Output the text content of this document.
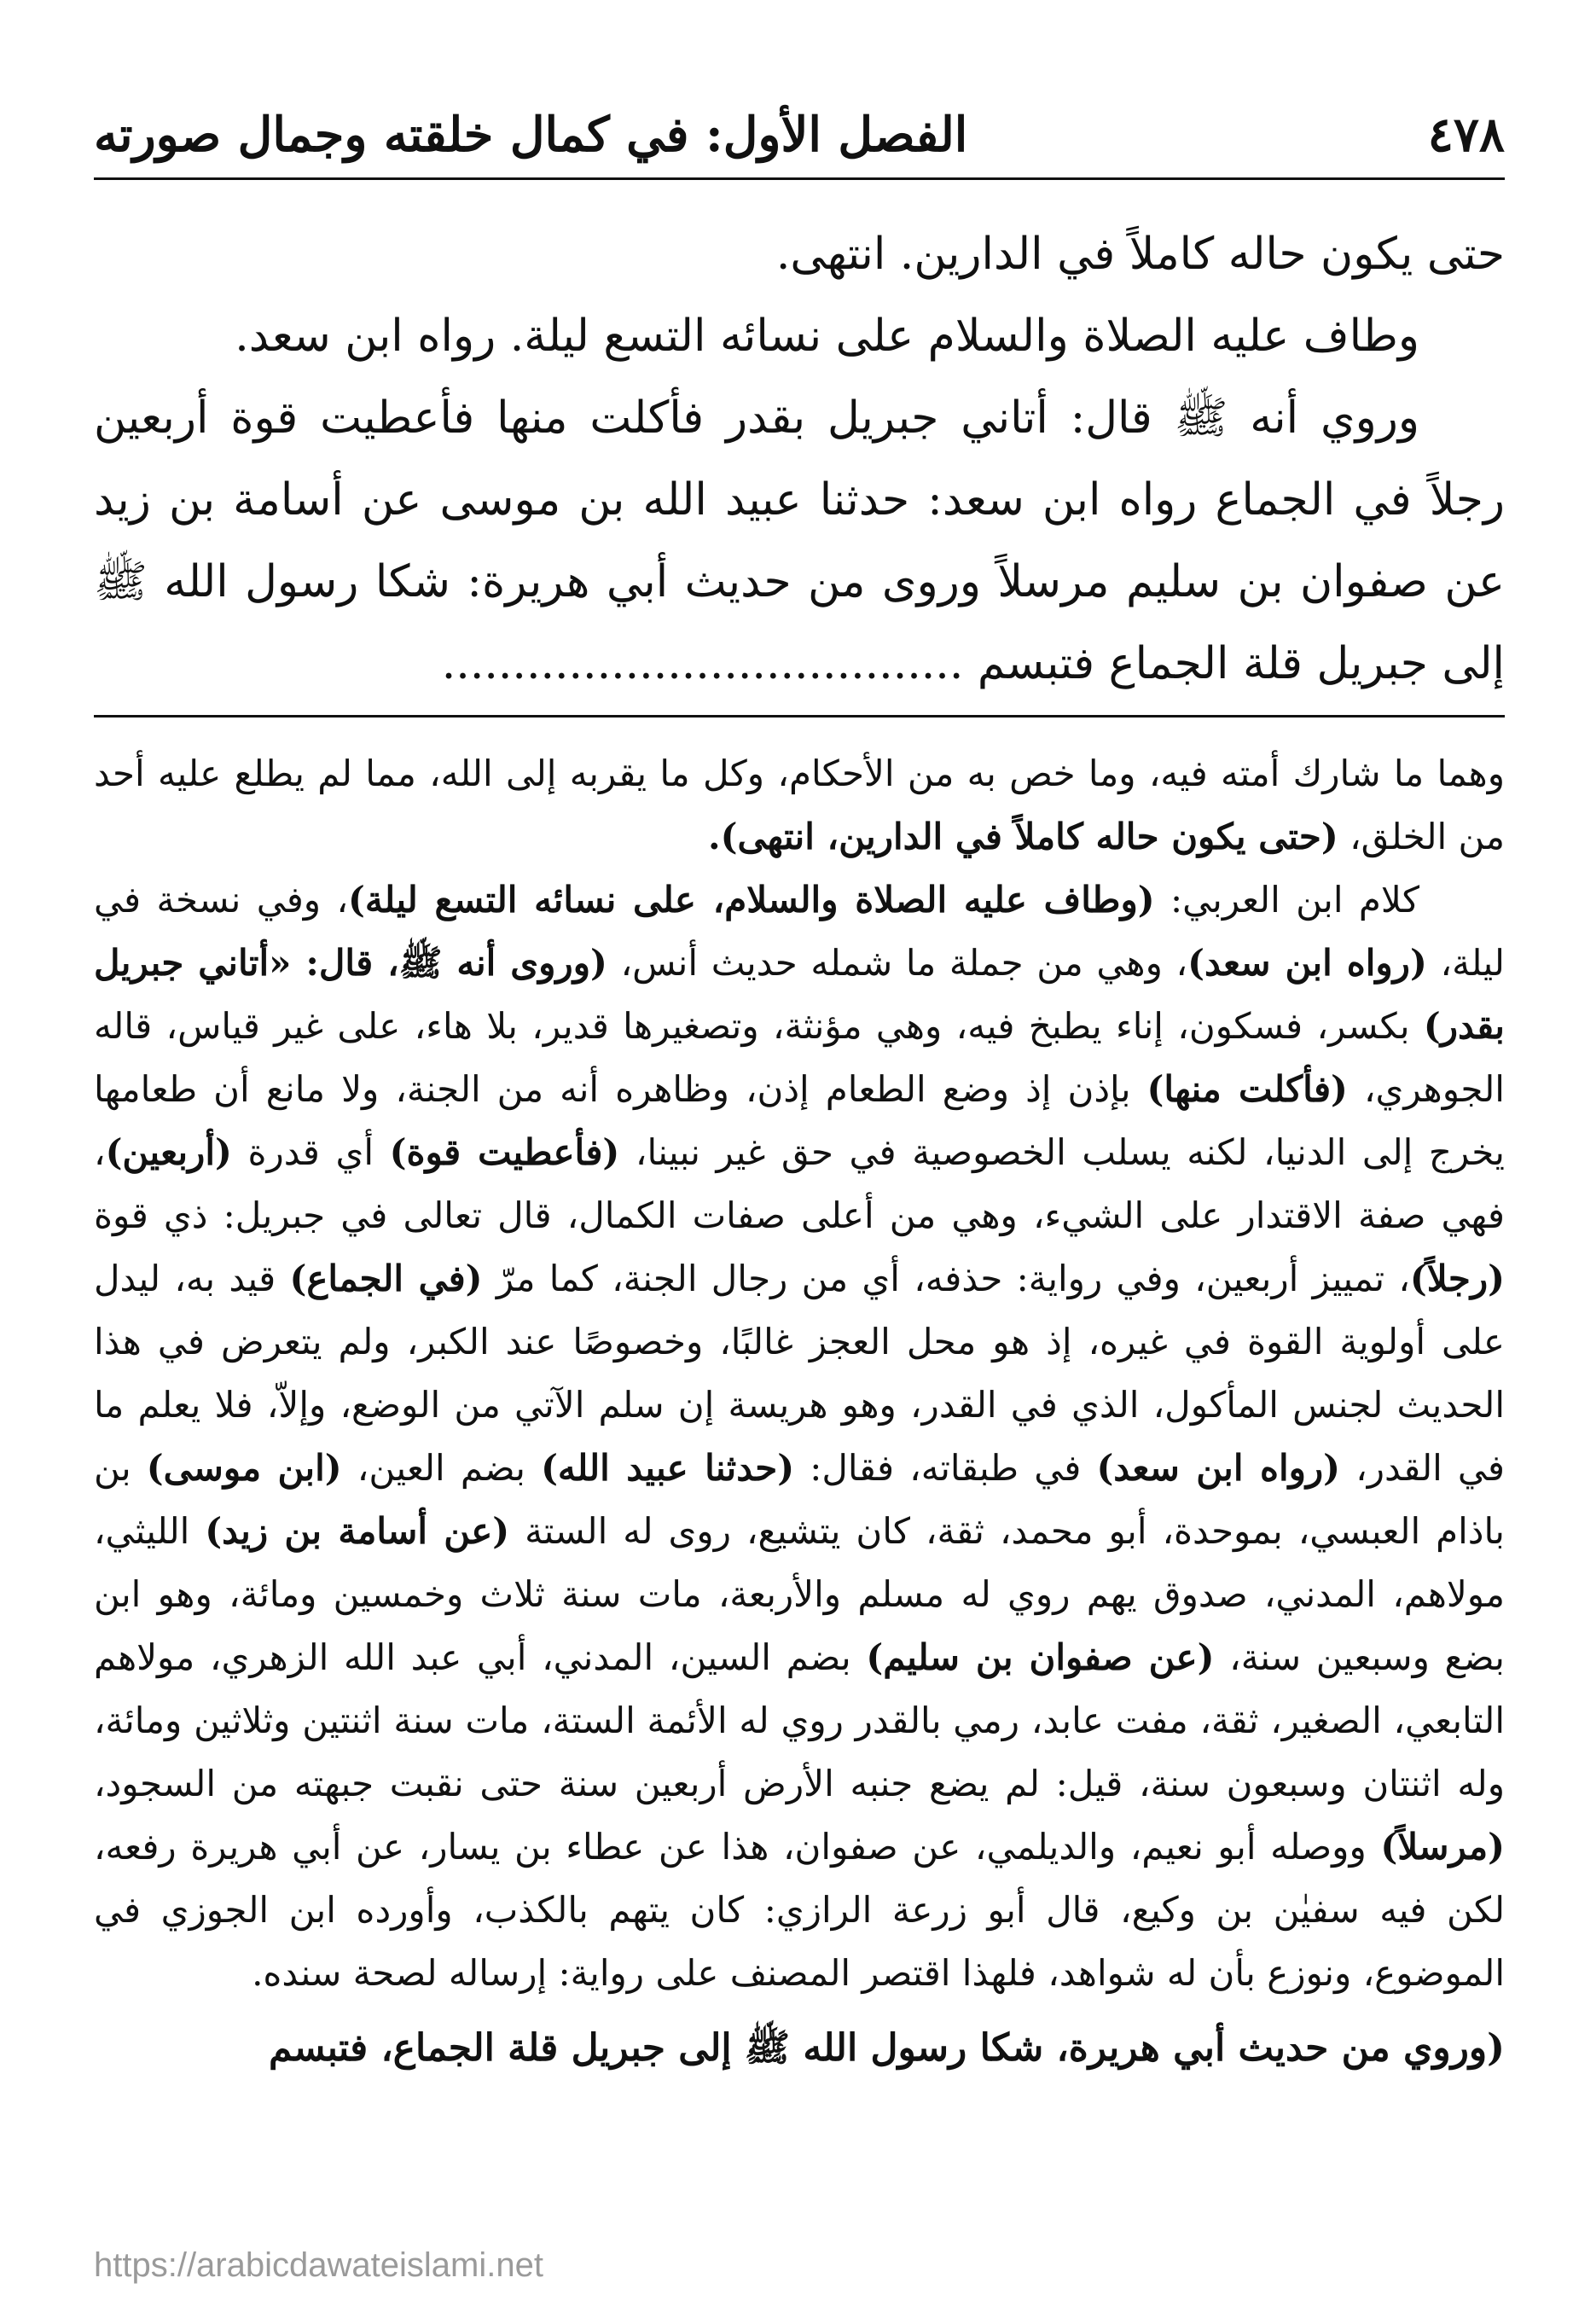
٤٧٨
الفصل الأول: في كمال خلقته وجمال صورته

حتى يكون حاله كاملاً في الدارين. انتهى.

وطاف عليه الصلاة والسلام على نسائه التسع لیلة. رواه ابن سعد.

وروي أنه ﷺ قال: أتاني جبريل بقدر فأكلت منها فأعطيت قوة أربعين رجلاً في الجماع رواه ابن سعد: حدثنا عبيد الله بن موسى عن أسامة بن زيد عن صفوان بن سليم مرسلاً وروى من حديث أبي هريرة: شكا رسول الله ﷺ إلى جبريل قلة الجماع فتبسم .....................................

وهما ما شارك أمته فيه، وما خص به من الأحكام، وكل ما يقربه إلى الله، مما لم يطلع عليه أحد من الخلق، (حتى يكون حاله كاملاً في الدارين، انتهى).

كلام ابن العربي: (وطاف عليه الصلاة والسلام، على نسائه التسع ليلة)، وفي نسخة في ليلة، (رواه ابن سعد)، وهي من جملة ما شمله حديث أنس، (وروى أنه ﷺ، قال: «أتاني جبريل بقدر) بكسر، فسكون، إناء يطبخ فيه، وهي مؤنثة، وتصغيرها قدير، بلا هاء، على غير قياس، قاله الجوهري، (فأكلت منها) بإذن إذ وضع الطعام إذن، وظاهره أنه من الجنة، ولا مانع أن طعامها يخرج إلى الدنيا، لكنه يسلب الخصوصية في حق غير نبينا، (فأعطيت قوة) أي قدرة (أربعين)، فهي صفة الاقتدار على الشيء، وهي من أعلى صفات الكمال، قال تعالى في جبريل: ذي قوة (رجلاً)، تمييز أربعين، وفي رواية: حذفه، أي من رجال الجنة، كما مرّ (في الجماع) قيد به، ليدل على أولوية القوة في غيره، إذ هو محل العجز غالبًا، وخصوصًا عند الكبر، ولم يتعرض في هذا الحديث لجنس المأكول، الذي في القدر، وهو هريسة إن سلم الآتي من الوضع، وإلاّ، فلا يعلم ما في القدر، (رواه ابن سعد) في طبقاته، فقال: (حدثنا عبيد الله) بضم العين، (ابن موسى) بن باذام العبسي، بموحدة، أبو محمد، ثقة، كان يتشيع، روى له الستة (عن أسامة بن زيد) الليثي، مولاهم، المدني، صدوق يهم روي له مسلم والأربعة، مات سنة ثلاث وخمسين ومائة، وهو ابن بضع وسبعين سنة، (عن صفوان بن سليم) بضم السين، المدني، أبي عبد الله الزهري، مولاهم التابعي، الصغير، ثقة، مفت عابد، رمي بالقدر روي له الأئمة الستة، مات سنة اثنتين وثلاثين ومائة، وله اثنتان وسبعون سنة، قيل: لم يضع جنبه الأرض أربعين سنة حتى نقبت جبهته من السجود، (مرسلاً) ووصله أبو نعيم، والديلمي، عن صفوان، هذا عن عطاء بن يسار، عن أبي هريرة رفعه، لكن فيه سفيٰن بن وكيع، قال أبو زرعة الرازي: كان يتهم بالكذب، وأورده ابن الجوزي في الموضوع، ونوزع بأن له شواهد، فلهذا اقتصر المصنف على رواية: إرساله لصحة سنده.

(وروي من حديث أبي هريرة، شكا رسول الله ﷺ إلى جبريل قلة الجماع، فتبسم

https://arabicdawateislami.net
